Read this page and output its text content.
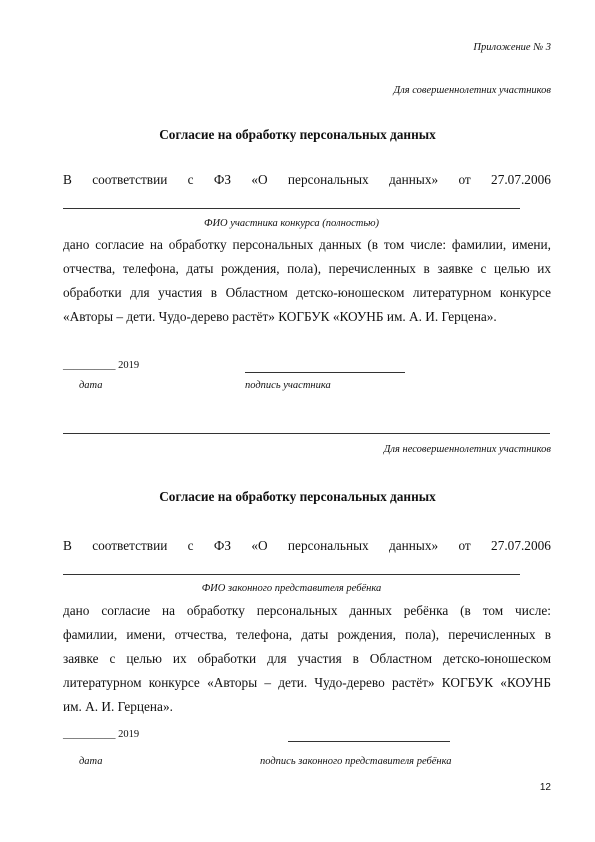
Приложение № 3
Для совершеннолетних участников
Согласие на обработку персональных данных
В соответствии с ФЗ «О персональных данных» от 27.07.2006
ФИО участника конкурса (полностью)
дано согласие на обработку персональных данных (в том числе: фамилии, имени,
отчества, телефона, даты рождения, пола), перечисленных в заявке с целью их
обработки для участия в Областном детско-юношеском литературном конкурсе
«Авторы – дети. Чудо-дерево растёт» КОГБУК «КОУНБ им. А. И. Герцена».
__________ 2019
дата	подпись участника
Для несовершеннолетних участников
Согласие на обработку персональных данных
В соответствии с ФЗ «О персональных данных» от 27.07.2006
ФИО законного представителя ребёнка
дано согласие на обработку персональных данных ребёнка (в том числе:
фамилии, имени, отчества, телефона, даты рождения, пола), перечисленных в
заявке с целью их обработки для участия в Областном детско-юношеском
литературном конкурсе «Авторы – дети. Чудо-дерево растёт» КОГБУК «КОУНБ
им. А. И. Герцена».
__________ 2019
дата	подпись законного представителя ребёнка
12
